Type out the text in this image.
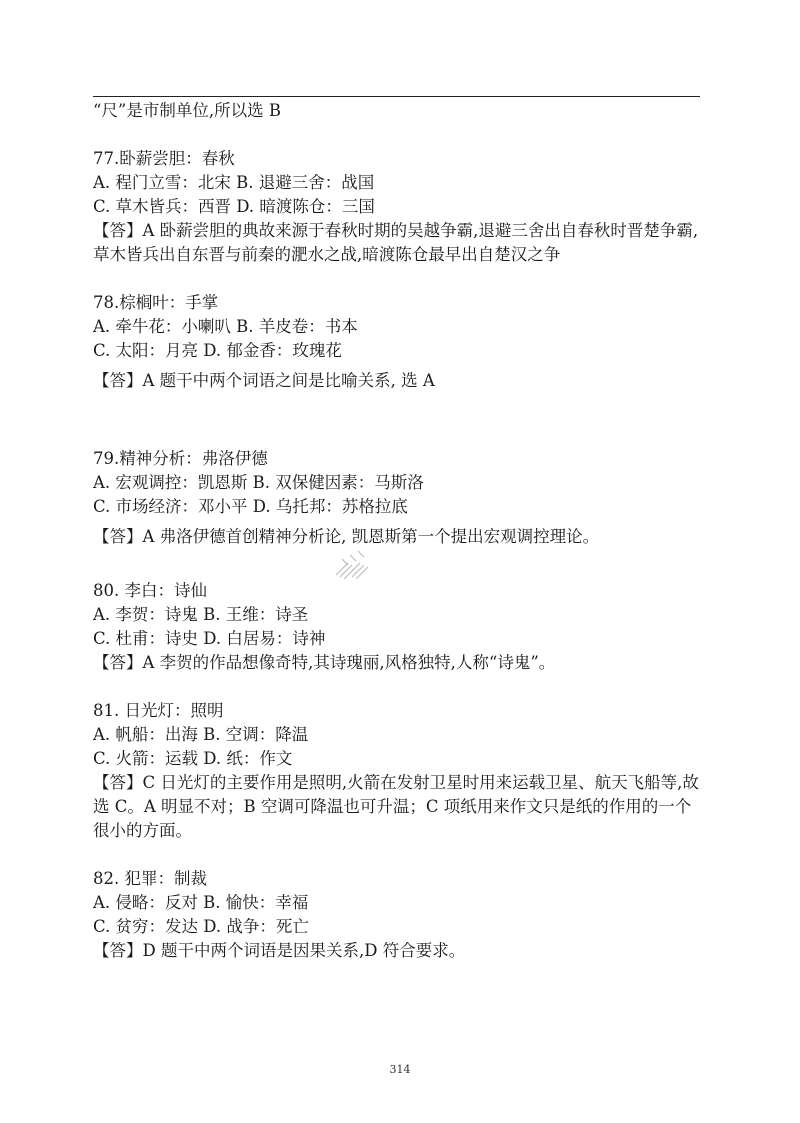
“尺”是市制单位,所以选 B
77.卧薪尝胆：春秋
A. 程门立雪：北宋 B. 退避三舍：战国
C. 草木皆兵：西晋 D. 暗渡陈仓：三国
【答】A 卧薪尝胆的典故来源于春秋时期的吴越争霸,退避三舍出自春秋时晋楚争霸,草木皆兵出自东晋与前秦的淝水之战,暗渡陈仓最早出自楚汉之争
78.棕榈叶：手掌
A. 牵牛花：小喇叭 B. 羊皮卷：书本
C. 太阳：月亮 D. 郁金香：玫瑰花
【答】A 题干中两个词语之间是比喻关系, 选 A
79.精神分析：弗洛伊德
A. 宏观调控：凯恩斯 B. 双保健因素：马斯洛
C. 市场经济：邓小平 D. 乌托邦：苏格拉底
【答】A 弗洛伊德首创精神分析论, 凯恩斯第一个提出宏观调控理论。
80. 李白：诗仙
A. 李贺：诗鬼 B. 王维：诗圣
C. 杜甫：诗史 D. 白居易：诗神
【答】A 李贺的作品想像奇特,其诗瑰丽,风格独特,人称“诗鬼”。
81. 日光灯：照明
A. 帆船：出海 B. 空调：降温
C. 火箭：运载 D. 纸：作文
【答】C 日光灯的主要作用是照明,火箭在发射卫星时用来运载卫星、航天飞船等,故选 C。A 明显不对；B 空调可降温也可升温；C 项纸用来作文只是纸的作用的一个很小的方面。
82. 犯罪：制裁
A. 侵略：反对 B. 愉快：幸福
C. 贫穷：发达 D. 战争：死亡
【答】D 题干中两个词语是因果关系,D 符合要求。
314
